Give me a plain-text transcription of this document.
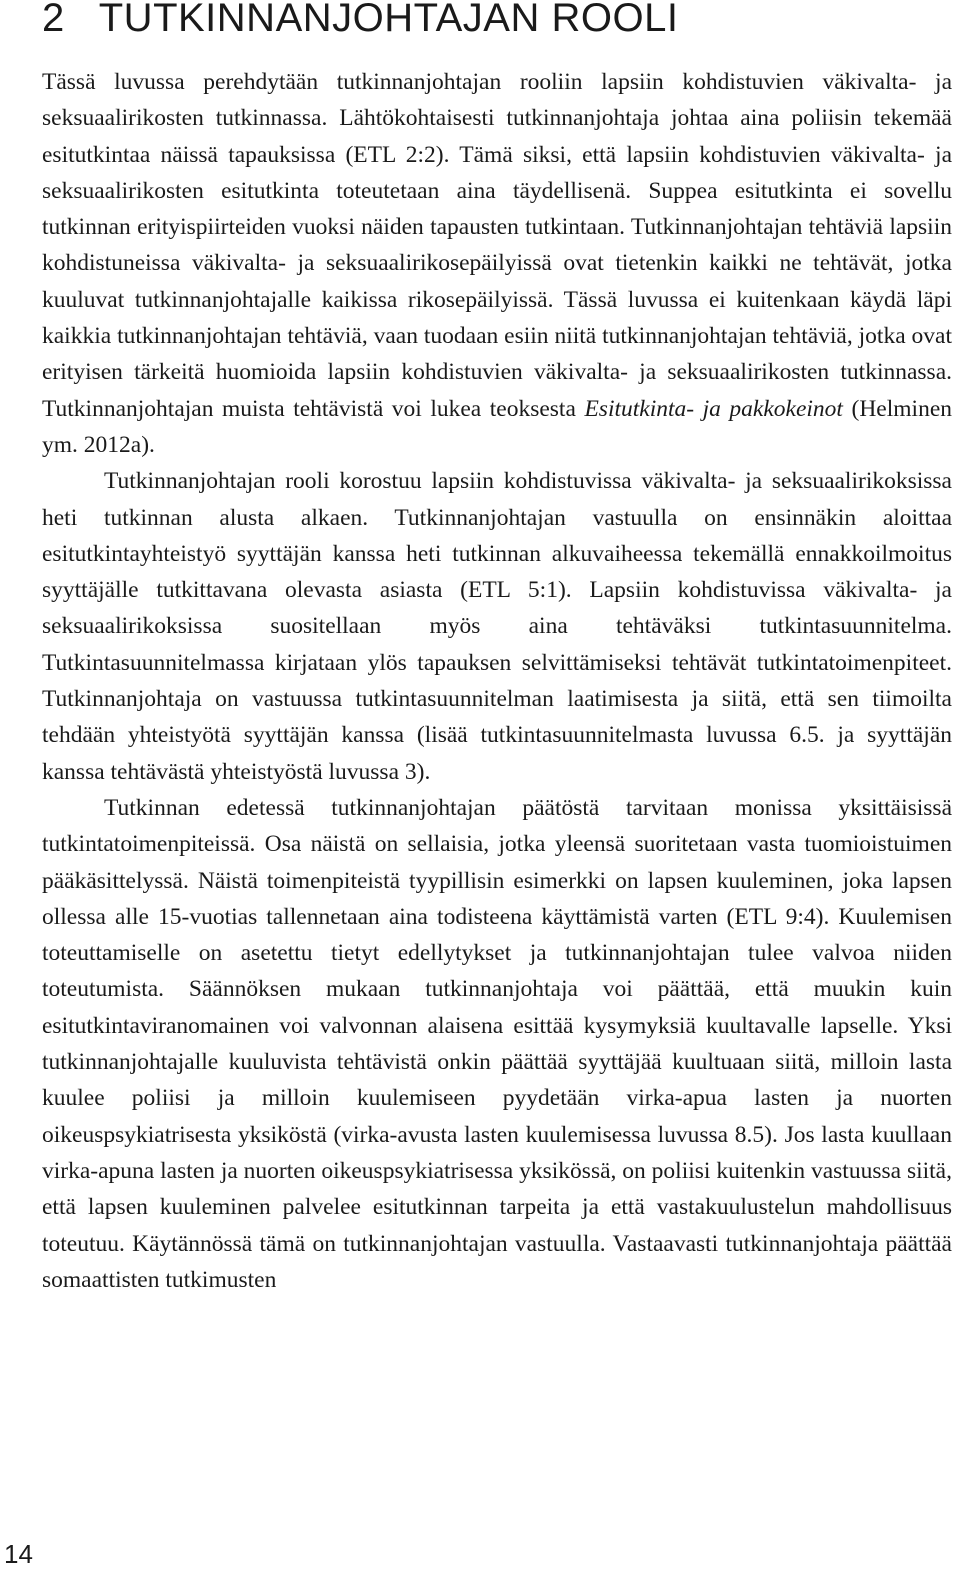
2 TUTKINNANJOHTAJAN ROOLI

Tässä luvussa perehdytään tutkinnanjohtajan rooliin lapsiin kohdistuvien väkivalta- ja seksuaalirikosten tutkinnassa. Lähtökohtaisesti tutkinnanjohtaja johtaa aina poliisin tekemää esitutkintaa näissä tapauksissa (ETL 2:2). Tämä siksi, että lapsiin kohdistuvien väkivalta- ja seksuaalirikosten esitutkinta toteutetaan aina täydellisenä. Suppea esitutkinta ei sovellu tutkinnan erityispiirteiden vuoksi näiden tapausten tutkintaan. Tutkinnanjohtajan tehtäviä lapsiin kohdistuneissa väkivalta- ja seksuaalirikosepäilyissä ovat tietenkin kaikki ne tehtävät, jotka kuuluvat tutkinnanjohtajalle kaikissa rikosepäilyissä. Tässä luvussa ei kuitenkaan käydä läpi kaikkia tutkinnanjohtajan tehtäviä, vaan tuodaan esiin niitä tutkinnanjohtajan tehtäviä, jotka ovat erityisen tärkeitä huomioida lapsiin kohdistuvien väkivalta- ja seksuaalirikosten tutkinnassa. Tutkinnanjohtajan muista tehtävistä voi lukea teoksesta Esitutkinta- ja pakkokeinot (Helminen ym. 2012a).

Tutkinnanjohtajan rooli korostuu lapsiin kohdistuvissa väkivalta- ja seksuaalirikoksissa heti tutkinnan alusta alkaen. Tutkinnanjohtajan vastuulla on ensinnäkin aloittaa esitutkintayhteistyö syyttäjän kanssa heti tutkinnan alkuvaiheessa tekemällä ennakkoilmoitus syyttäjälle tutkittavana olevasta asiasta (ETL 5:1). Lapsiin kohdistuvissa väkivalta- ja seksuaalirikoksissa suositellaan myös aina tehtäväksi tutkintasuunnitelma. Tutkintasuunnitelmassa kirjataan ylös tapauksen selvittämiseksi tehtävät tutkintatoimenpiteet. Tutkinnanjohtaja on vastuussa tutkintasuunnitelman laatimisesta ja siitä, että sen tiimoilta tehdään yhteistyötä syyttäjän kanssa (lisää tutkintasuunnitelmasta luvussa 6.5. ja syyttäjän kanssa tehtävästä yhteistyöstä luvussa 3).

Tutkinnan edetessä tutkinnanjohtajan päätöstä tarvitaan monissa yksittäisissä tutkintatoimenpiteissä. Osa näistä on sellaisia, jotka yleensä suoritetaan vasta tuomioistuimen pääkäsittelyssä. Näistä toimenpiteistä tyypillisin esimerkki on lapsen kuuleminen, joka lapsen ollessa alle 15-vuotias tallennetaan aina todisteena käyttämistä varten (ETL 9:4). Kuulemisen toteuttamiselle on asetettu tietyt edellytykset ja tutkinnanjohtajan tulee valvoa niiden toteutumista. Säännöksen mukaan tutkinnanjohtaja voi päättää, että muukin kuin esitutkintaviranomainen voi valvonnan alaisena esittää kysymyksiä kuultavalle lapselle. Yksi tutkinnanjohtajalle kuuluvista tehtävistä onkin päättää syyttäjää kuultuaan siitä, milloin lasta kuulee poliisi ja milloin kuulemiseen pyydetään virka-apua lasten ja nuorten oikeuspsykiatrisesta yksiköstä (virka-avusta lasten kuulemisessa luvussa 8.5). Jos lasta kuullaan virka-apuna lasten ja nuorten oikeuspsykiatrisessa yksikössä, on poliisi kuitenkin vastuussa siitä, että lapsen kuuleminen palvelee esitutkinnan tarpeita ja että vastakuulustelun mahdollisuus toteutuu. Käytännössä tämä on tutkinnanjohtajan vastuulla. Vastaavasti tutkinnanjohtaja päättää somaattisten tutkimusten

14
